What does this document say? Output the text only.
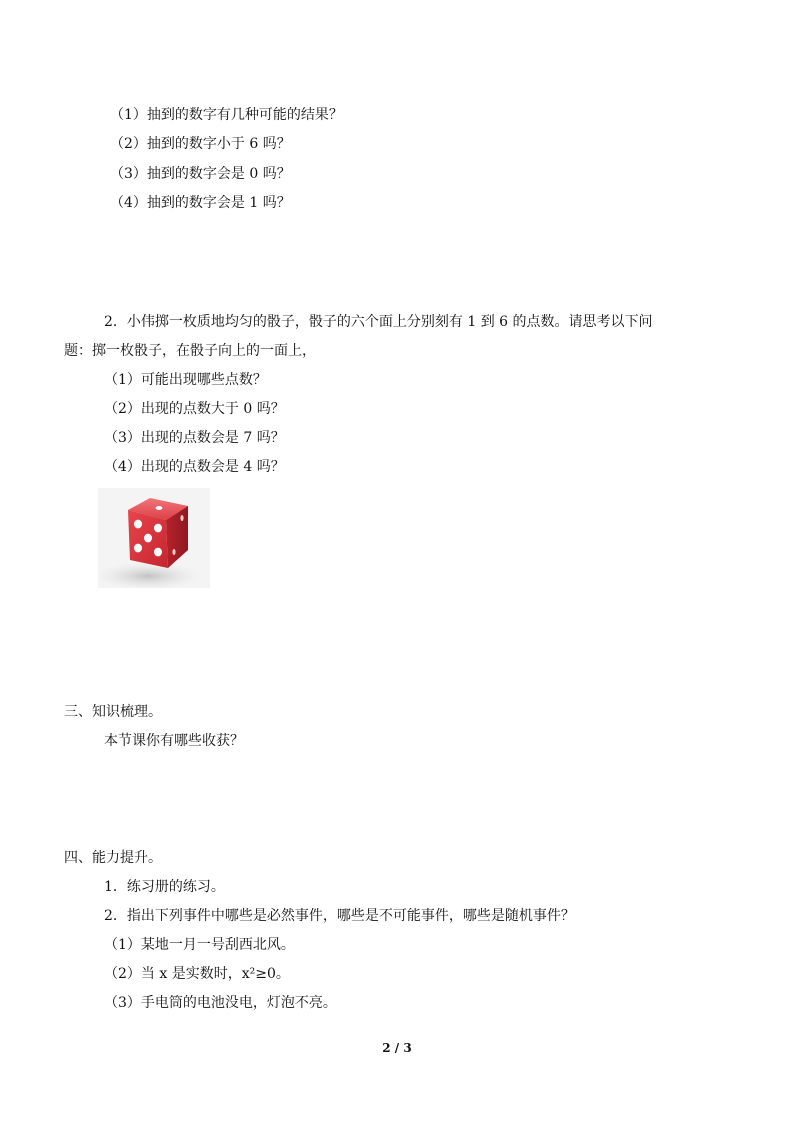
（1）抽到的数字有几种可能的结果？
（2）抽到的数字小于 6 吗？
（3）抽到的数字会是 0 吗？
（4）抽到的数字会是 1 吗？
2．小伟掷一枚质地均匀的骰子，骰子的六个面上分别刻有 1 到 6 的点数。请思考以下问
题：掷一枚骰子，在骰子向上的一面上，
（1）可能出现哪些点数？
（2）出现的点数大于 0 吗？
（3）出现的点数会是 7 吗？
（4）出现的点数会是 4 吗？
三、知识梳理。
本节课你有哪些收获？
四、能力提升。
1．练习册的练习。
2．指出下列事件中哪些是必然事件，哪些是不可能事件，哪些是随机事件？
（1）某地一月一号刮西北风。
（2）当 x 是实数时，x²≥0。
（3）手电筒的电池没电，灯泡不亮。
2 / 3
